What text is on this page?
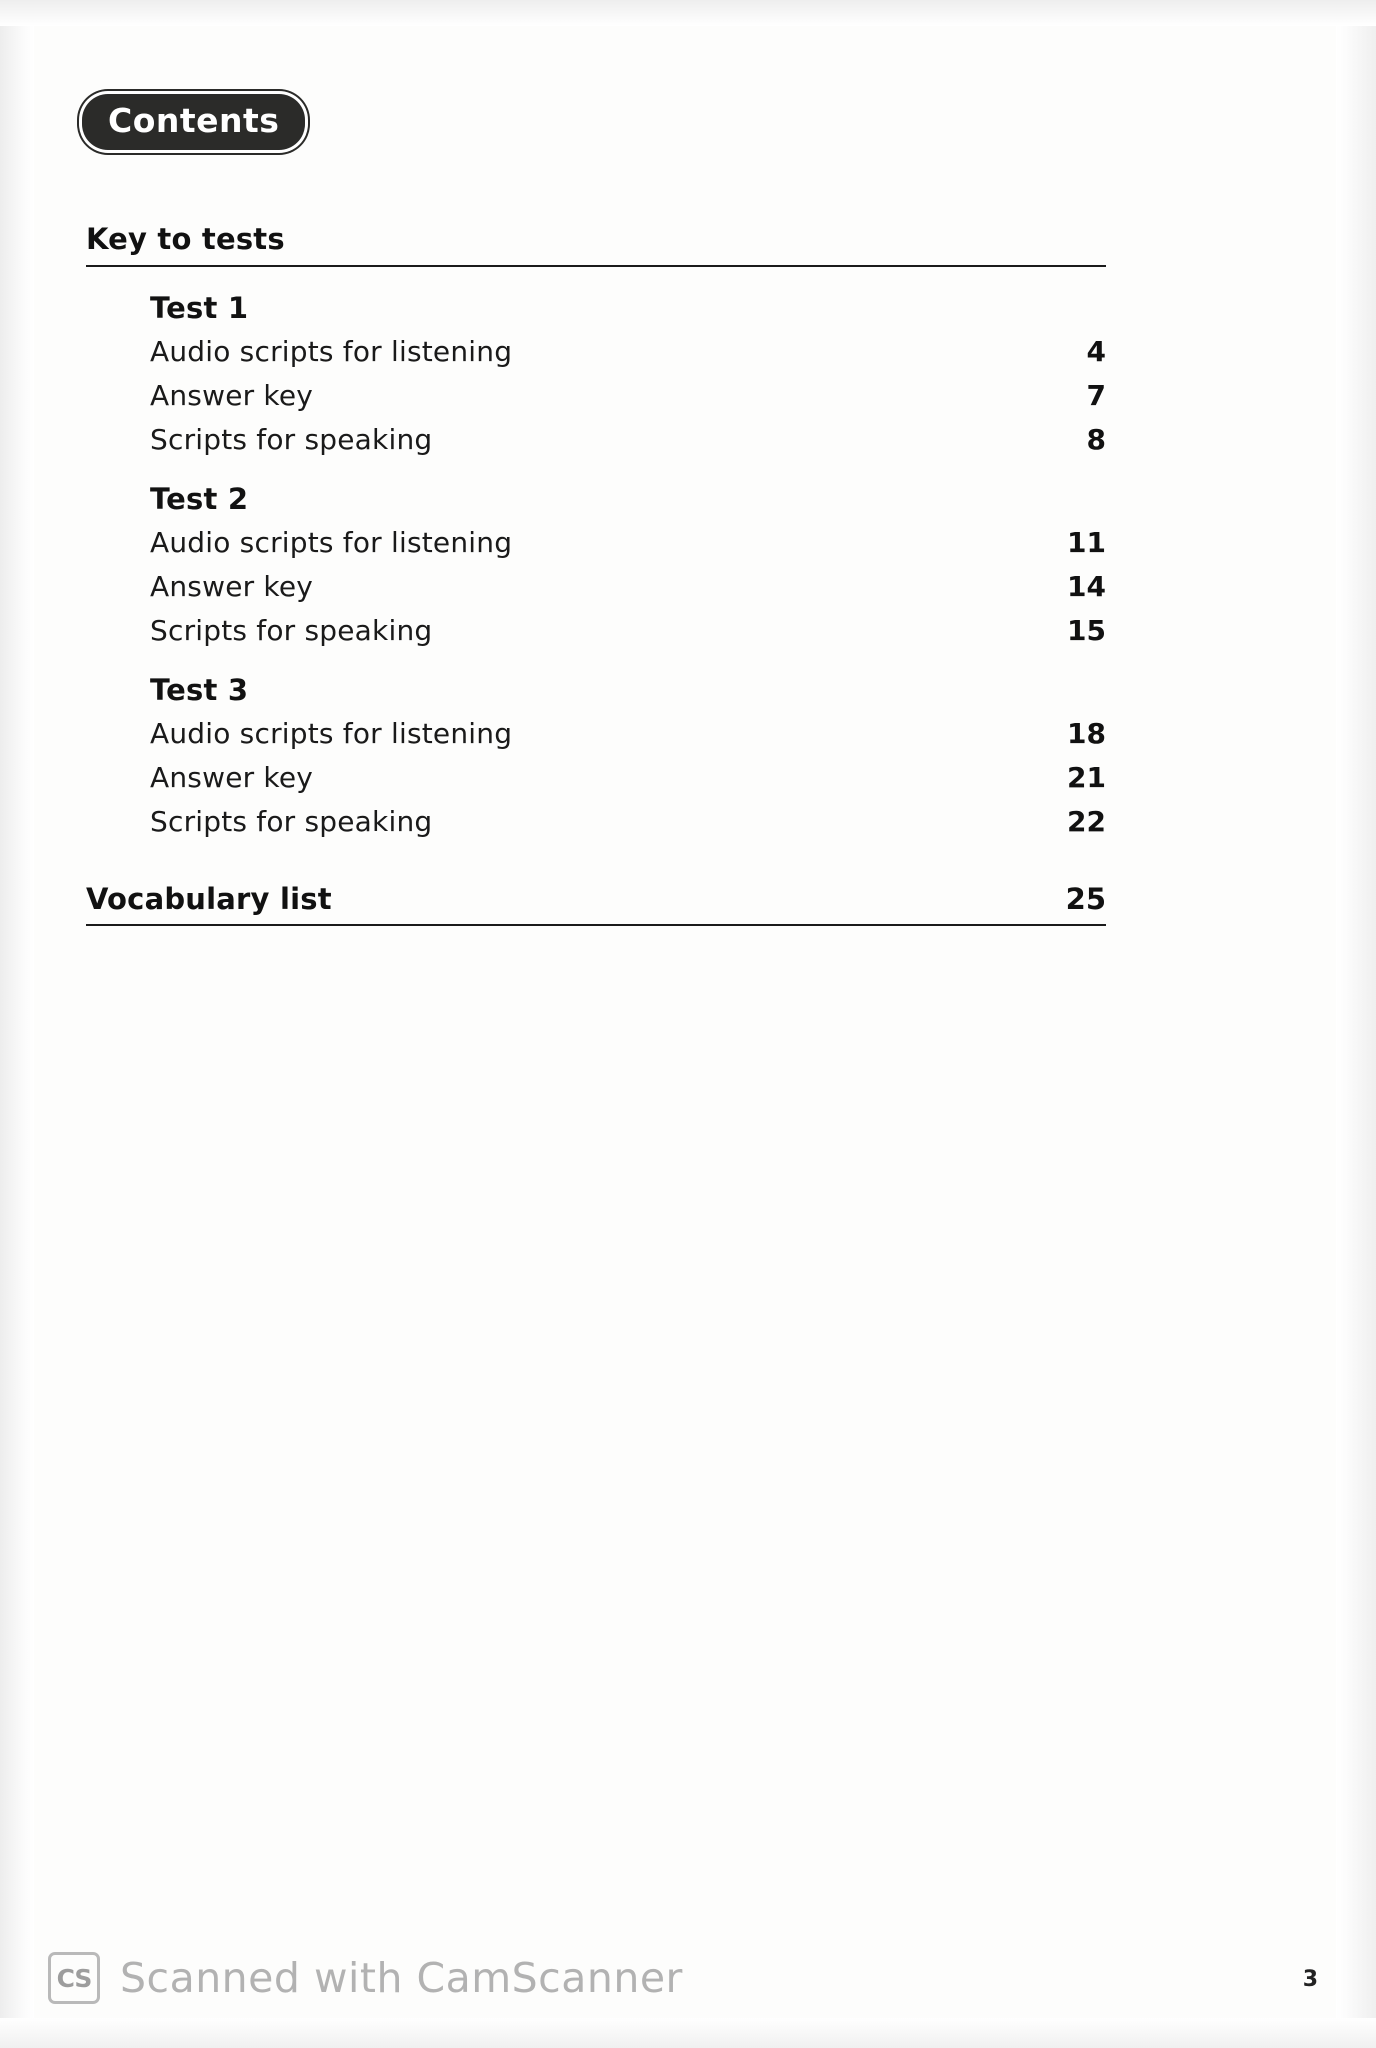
Contents
Key to tests
Test 1
Audio scripts for listening	4
Answer key	7
Scripts for speaking	8
Test 2
Audio scripts for listening	11
Answer key	14
Scripts for speaking	15
Test 3
Audio scripts for listening	18
Answer key	21
Scripts for speaking	22
Vocabulary list	25
CS Scanned with CamScanner	3
